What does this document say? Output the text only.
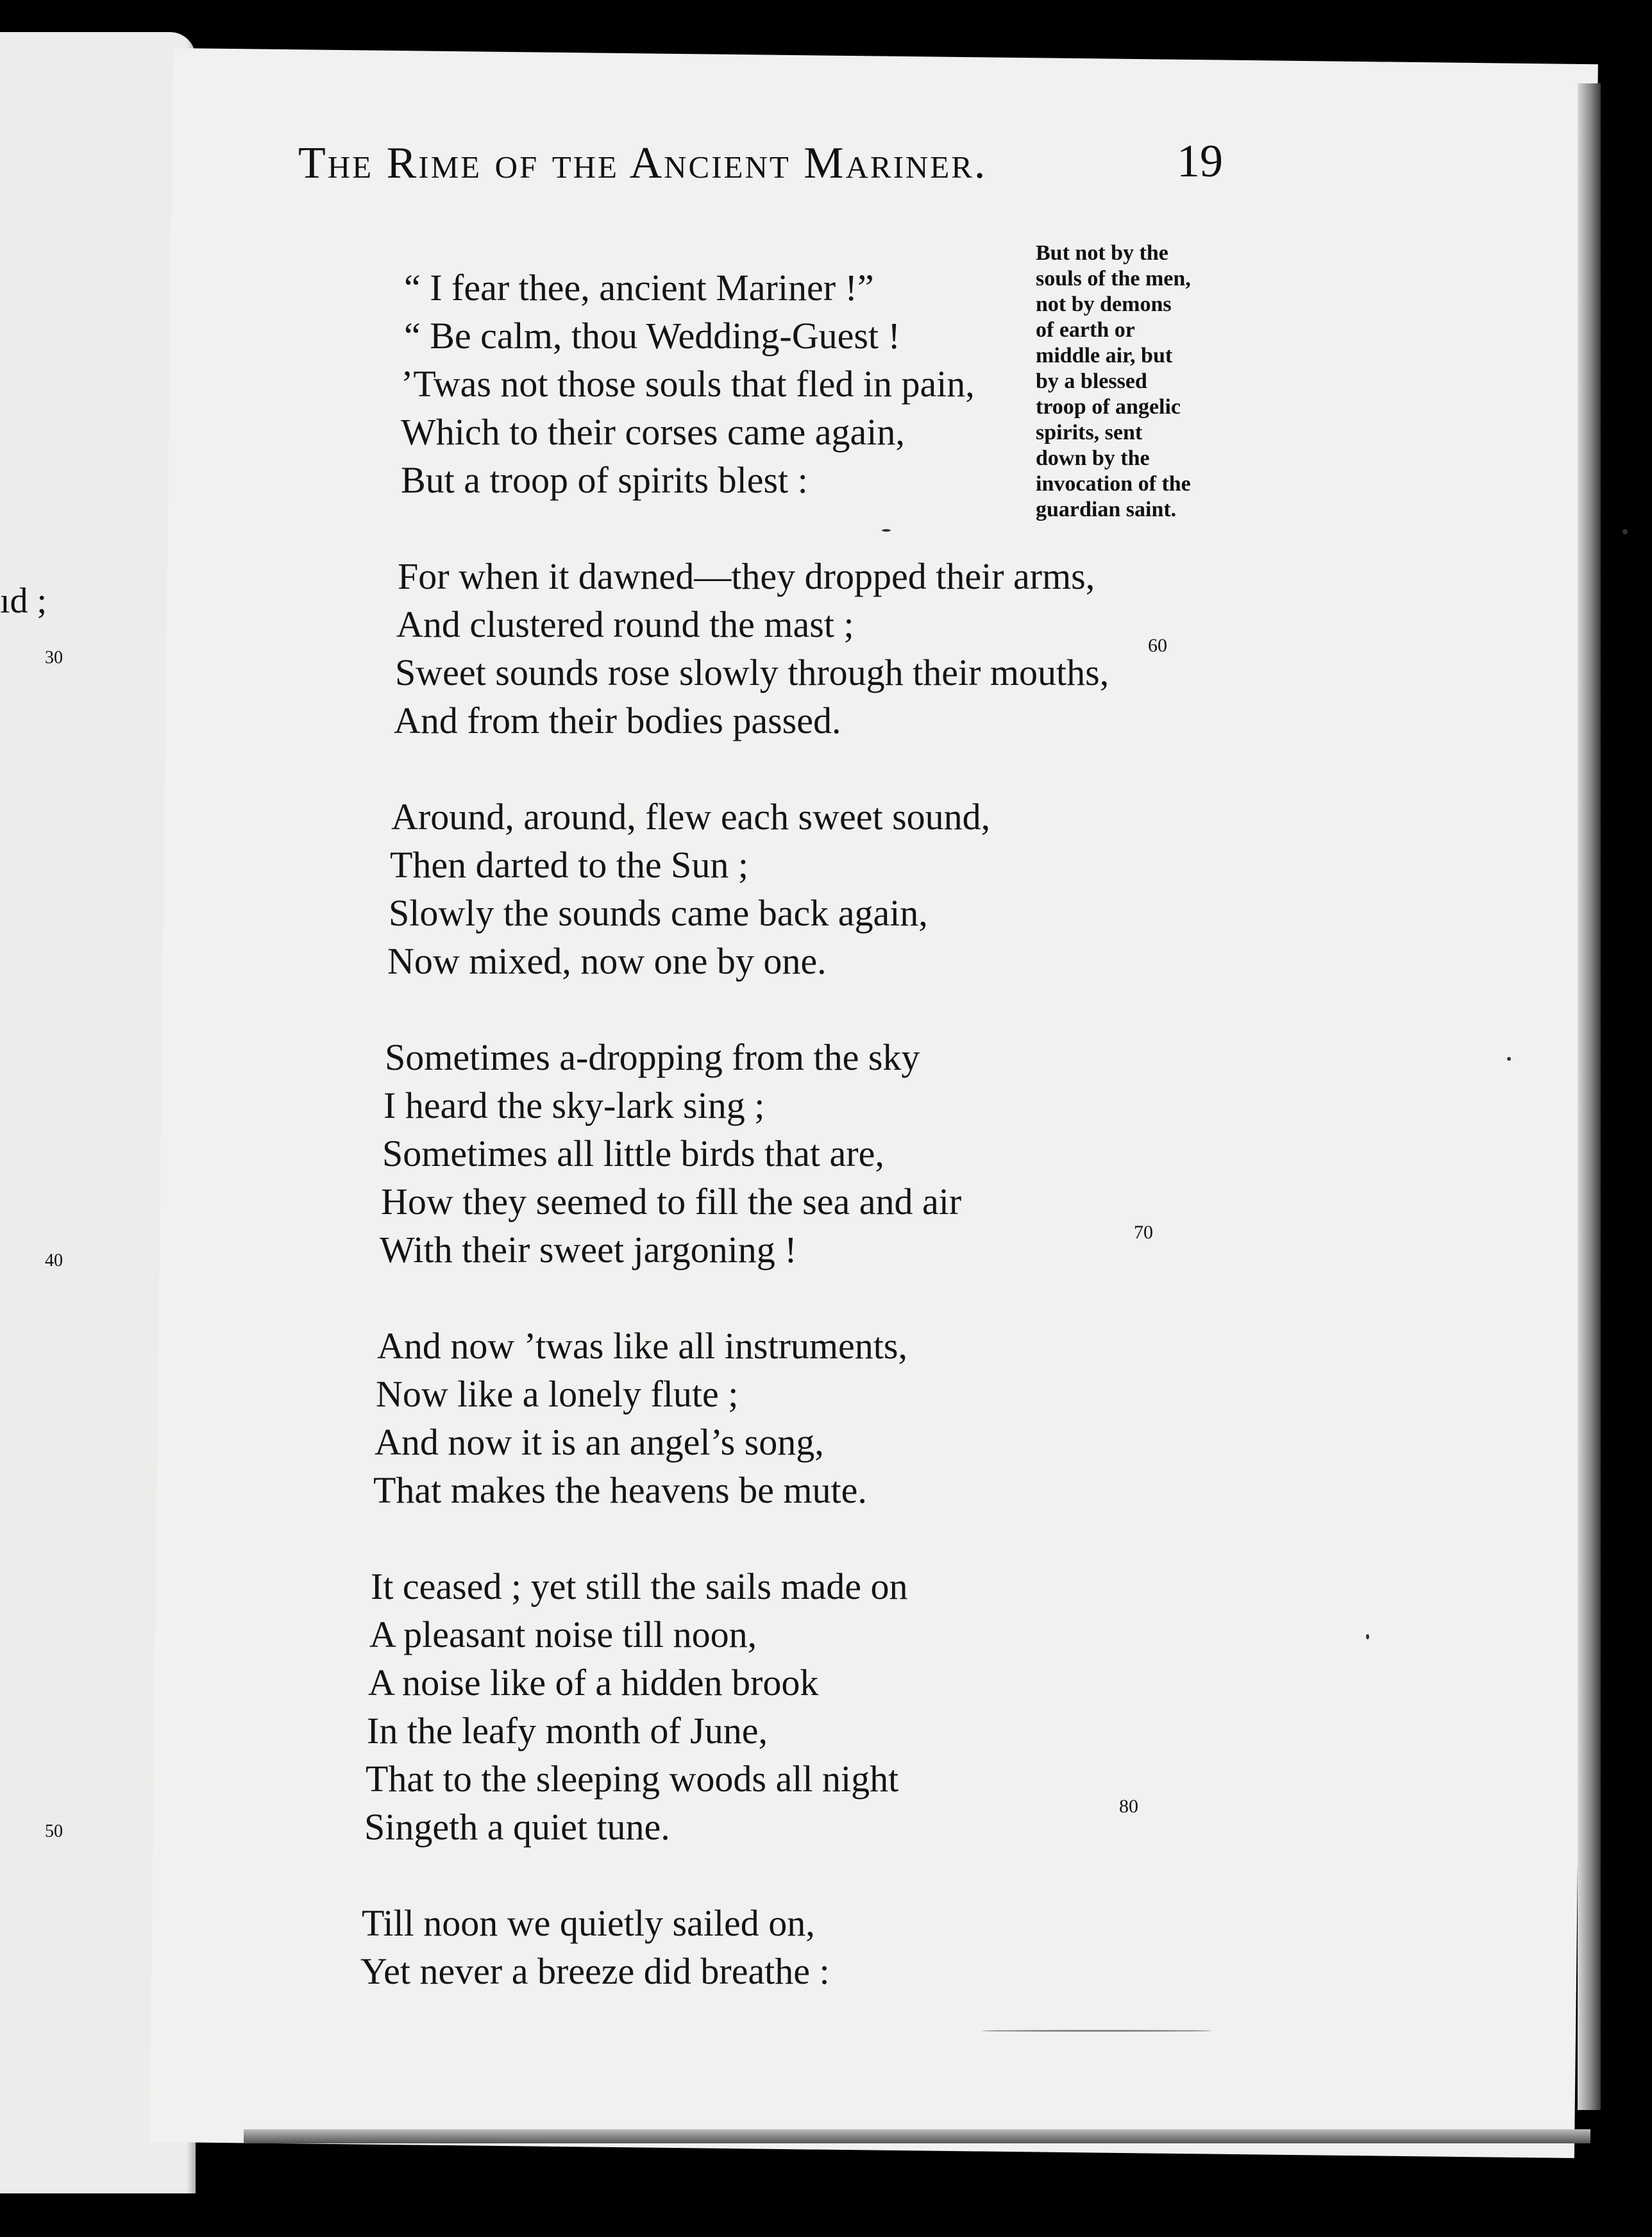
ıd ;
30
40
50
The Rime of the Ancient Mariner.	19
But not by the
souls of the men,
not by demons
of earth or
middle air, but
by a blessed
troop of angelic
spirits, sent
down by the
invocation of the
guardian saint.
“ I fear thee, ancient Mariner !”
“ Be calm, thou Wedding-Guest !
’Twas not those souls that fled in pain,
Which to their corses came again,
But a troop of spirits blest :
For when it dawned—they dropped their arms,
And clustered round the mast ;
60
Sweet sounds rose slowly through their mouths,
And from their bodies passed.
Around, around, flew each sweet sound,
Then darted to the Sun ;
Slowly the sounds came back again,
Now mixed, now one by one.
Sometimes a-dropping from the sky
I heard the sky-lark sing ;
Sometimes all little birds that are,
How they seemed to fill the sea and air
70
With their sweet jargoning !
And now ’twas like all instruments,
Now like a lonely flute ;
And now it is an angel’s song,
That makes the heavens be mute.
It ceased ; yet still the sails made on
A pleasant noise till noon,
A noise like of a hidden brook
In the leafy month of June,
That to the sleeping woods all night
80
Singeth a quiet tune.
Till noon we quietly sailed on,
Yet never a breeze did breathe :
